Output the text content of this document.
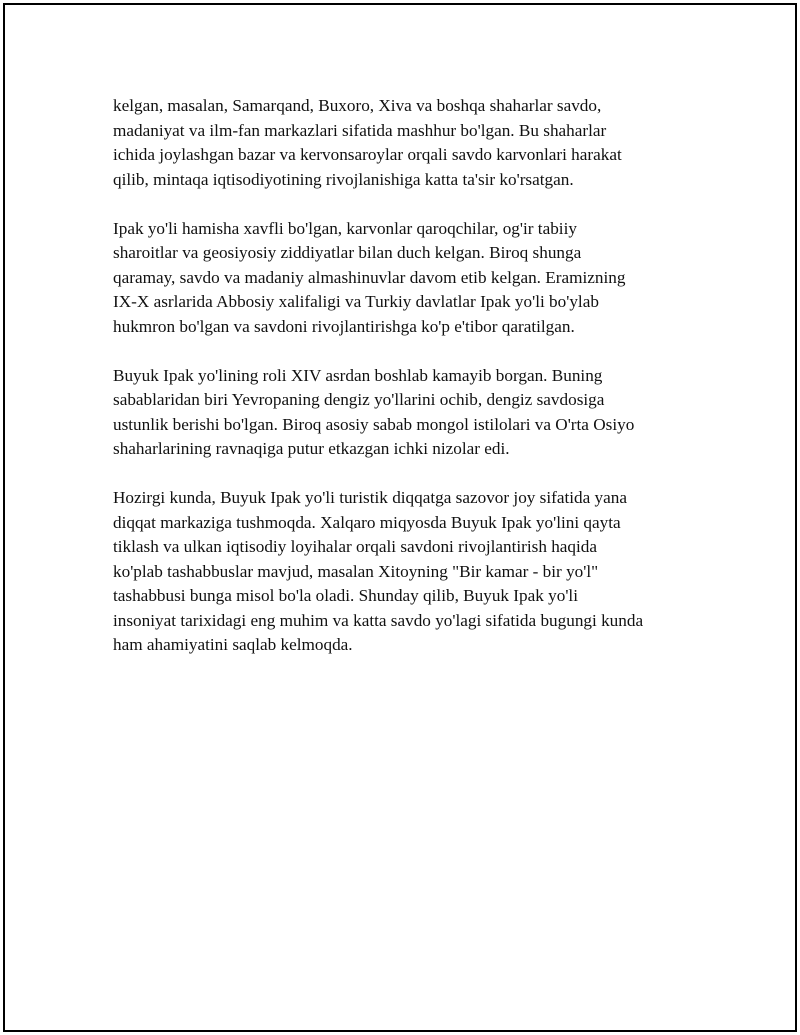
kelgan, masalan, Samarqand, Buxoro, Xiva va boshqa shaharlar savdo,
madaniyat va ilm-fan markazlari sifatida mashhur bo'lgan. Bu shaharlar
ichida joylashgan bazar va kervonsaroylar orqali savdo karvonlari harakat
qilib, mintaqa iqtisodiyotining rivojlanishiga katta ta'sir ko'rsatgan.

Ipak yo'li hamisha xavfli bo'lgan, karvonlar qaroqchilar, og'ir tabiiy
sharoitlar va geosiyosiy ziddiyatlar bilan duch kelgan. Biroq shunga
qaramay, savdo va madaniy almashinuvlar davom etib kelgan. Eramizning
IX-X asrlarida Abbosiy xalifaligi va Turkiy davlatlar Ipak yo'li bo'ylab
hukmron bo'lgan va savdoni rivojlantirishga ko'p e'tibor qaratilgan.

Buyuk Ipak yo'lining roli XIV asrdan boshlab kamayib borgan. Buning
sabablaridan biri Yevropaning dengiz yo'llarini ochib, dengiz savdosiga
ustunlik berishi bo'lgan. Biroq asosiy sabab mongol istilolari va O'rta Osiyo
shaharlarining ravnaqiga putur etkazgan ichki nizolar edi.

Hozirgi kunda, Buyuk Ipak yo'li turistik diqqatga sazovor joy sifatida yana
diqqat markaziga tushmoqda. Xalqaro miqyosda Buyuk Ipak yo'lini qayta
tiklash va ulkan iqtisodiy loyihalar orqali savdoni rivojlantirish haqida
ko'plab tashabbuslar mavjud, masalan Xitoyning "Bir kamar - bir yo'l"
tashabbusi bunga misol bo'la oladi. Shunday qilib, Buyuk Ipak yo'li
insoniyat tarixidagi eng muhim va katta savdo yo'lagi sifatida bugungi kunda
ham ahamiyatini saqlab kelmoqda.
